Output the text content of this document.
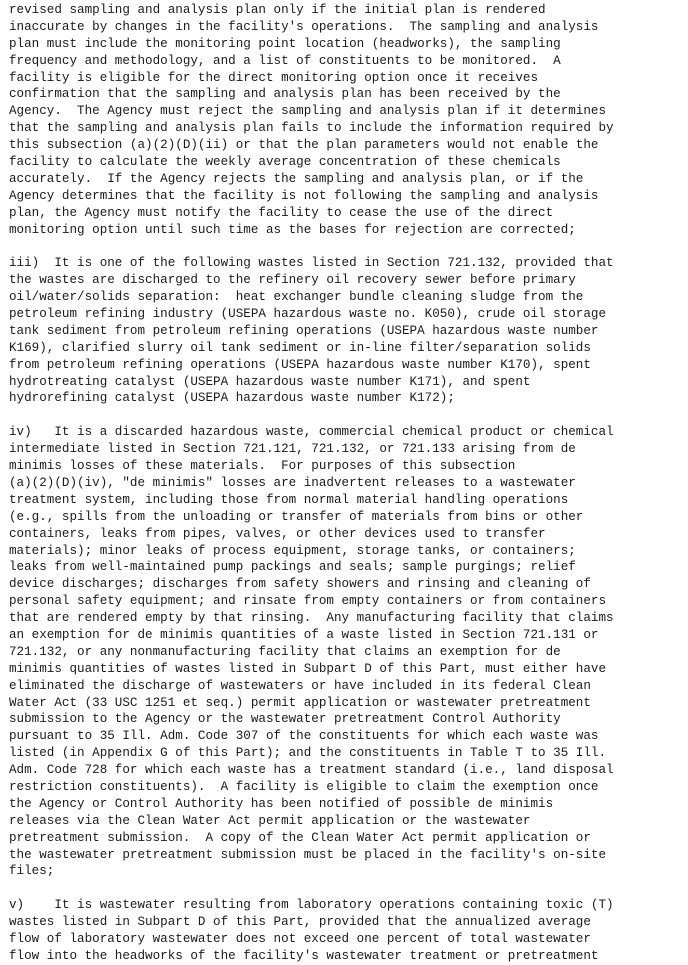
revised sampling and analysis plan only if the initial plan is rendered
inaccurate by changes in the facility's operations.  The sampling and analysis
plan must include the monitoring point location (headworks), the sampling
frequency and methodology, and a list of constituents to be monitored.  A
facility is eligible for the direct monitoring option once it receives
confirmation that the sampling and analysis plan has been received by the
Agency.  The Agency must reject the sampling and analysis plan if it determines
that the sampling and analysis plan fails to include the information required by
this subsection (a)(2)(D)(ii) or that the plan parameters would not enable the
facility to calculate the weekly average concentration of these chemicals
accurately.  If the Agency rejects the sampling and analysis plan, or if the
Agency determines that the facility is not following the sampling and analysis
plan, the Agency must notify the facility to cease the use of the direct
monitoring option until such time as the bases for rejection are corrected;
iii)  It is one of the following wastes listed in Section 721.132, provided that
the wastes are discharged to the refinery oil recovery sewer before primary
oil/water/solids separation:  heat exchanger bundle cleaning sludge from the
petroleum refining industry (USEPA hazardous waste no. K050), crude oil storage
tank sediment from petroleum refining operations (USEPA hazardous waste number
K169), clarified slurry oil tank sediment or in-line filter/separation solids
from petroleum refining operations (USEPA hazardous waste number K170), spent
hydrotreating catalyst (USEPA hazardous waste number K171), and spent
hydrorefining catalyst (USEPA hazardous waste number K172);
iv)   It is a discarded hazardous waste, commercial chemical product or chemical
intermediate listed in Section 721.121, 721.132, or 721.133 arising from de
minimis losses of these materials.  For purposes of this subsection
(a)(2)(D)(iv), "de minimis" losses are inadvertent releases to a wastewater
treatment system, including those from normal material handling operations
(e.g., spills from the unloading or transfer of materials from bins or other
containers, leaks from pipes, valves, or other devices used to transfer
materials); minor leaks of process equipment, storage tanks, or containers;
leaks from well-maintained pump packings and seals; sample purgings; relief
device discharges; discharges from safety showers and rinsing and cleaning of
personal safety equipment; and rinsate from empty containers or from containers
that are rendered empty by that rinsing.  Any manufacturing facility that claims
an exemption for de minimis quantities of a waste listed in Section 721.131 or
721.132, or any nonmanufacturing facility that claims an exemption for de
minimis quantities of wastes listed in Subpart D of this Part, must either have
eliminated the discharge of wastewaters or have included in its federal Clean
Water Act (33 USC 1251 et seq.) permit application or wastewater pretreatment
submission to the Agency or the wastewater pretreatment Control Authority
pursuant to 35 Ill. Adm. Code 307 of the constituents for which each waste was
listed (in Appendix G of this Part); and the constituents in Table T to 35 Ill.
Adm. Code 728 for which each waste has a treatment standard (i.e., land disposal
restriction constituents).  A facility is eligible to claim the exemption once
the Agency or Control Authority has been notified of possible de minimis
releases via the Clean Water Act permit application or the wastewater
pretreatment submission.  A copy of the Clean Water Act permit application or
the wastewater pretreatment submission must be placed in the facility's on-site
files;
v)    It is wastewater resulting from laboratory operations containing toxic (T)
wastes listed in Subpart D of this Part, provided that the annualized average
flow of laboratory wastewater does not exceed one percent of total wastewater
flow into the headworks of the facility's wastewater treatment or pretreatment
